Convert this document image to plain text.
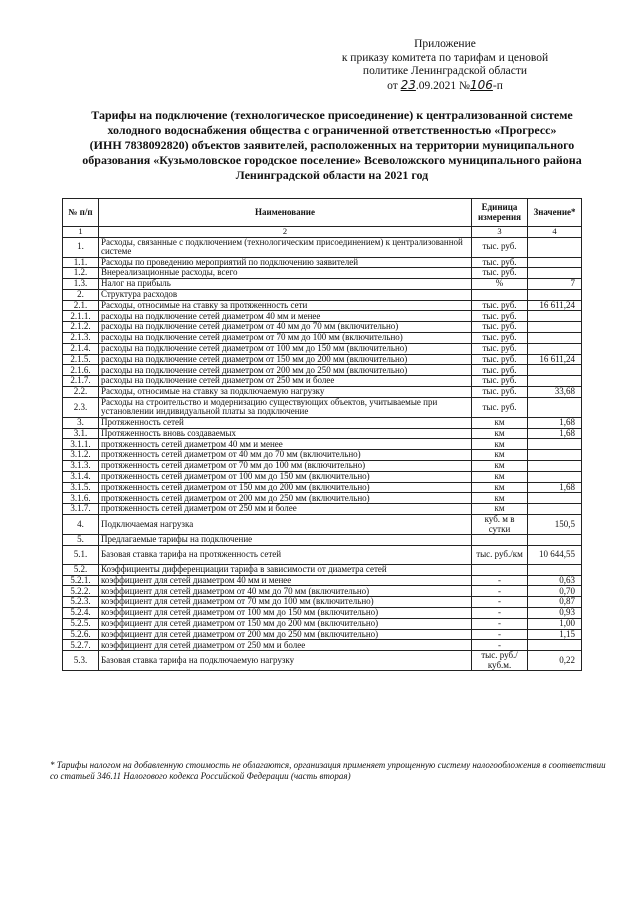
Приложение
к приказу комитета по тарифам и ценовой
политике Ленинградской области
от 23.09.2021 №106-п
Тарифы на подключение (технологическое присоединение) к централизованной системе
холодного водоснабжения общества с ограниченной ответственностью «Прогресс»
(ИНН 7838092820) объектов заявителей, расположенных на территории муниципального
образования «Кузьмоловское городское поселение» Всеволожского муниципального района
Ленинградской области на 2021 год
№ п/п	Наименование	Единица измерения	Значение*
1	2	3	4
1.	Расходы, связанные с подключением (технологическим присоединением) к централизованной системе	тыс. руб.	
1.1.	Расходы по проведению мероприятий по подключению заявителей	тыс. руб.	
1.2.	Внереализационные расходы, всего	тыс. руб.	
1.3.	Налог на прибыль	%	7
2.	Структура расходов		
2.1.	Расходы, относимые на ставку за протяженность сети	тыс. руб.	16 611,24
2.1.1.	расходы на подключение сетей диаметром 40 мм и менее	тыс. руб.	
2.1.2.	расходы на подключение сетей диаметром от 40 мм до 70 мм (включительно)	тыс. руб.	
2.1.3.	расходы на подключение сетей диаметром от 70 мм до 100 мм (включительно)	тыс. руб.	
2.1.4.	расходы на подключение сетей диаметром от 100 мм до 150 мм (включительно)	тыс. руб.	
2.1.5.	расходы на подключение сетей диаметром от 150 мм до 200 мм (включительно)	тыс. руб.	16 611,24
2.1.6.	расходы на подключение сетей диаметром от 200 мм до 250 мм (включительно)	тыс. руб.	
2.1.7.	расходы на подключение сетей диаметром от 250 мм и более	тыс. руб.	
2.2.	Расходы, относимые на ставку за подключаемую нагрузку	тыс. руб.	33,68
2.3.	Расходы на строительство и модернизацию существующих объектов, учитываемые при установлении индивидуальной платы за подключение	тыс. руб.	
3.	Протяженность сетей	км	1,68
3.1.	Протяженность вновь создаваемых	км	1,68
3.1.1.	протяженность сетей диаметром 40 мм и менее	км	
3.1.2.	протяженность сетей диаметром от 40 мм до 70 мм (включительно)	км	
3.1.3.	протяженность сетей диаметром от 70 мм до 100 мм (включительно)	км	
3.1.4.	протяженность сетей диаметром от 100 мм до 150 мм (включительно)	км	
3.1.5.	протяженность сетей диаметром от 150 мм до 200 мм (включительно)	км	1,68
3.1.6.	протяженность сетей диаметром от 200 мм до 250 мм (включительно)	км	
3.1.7.	протяженность сетей диаметром от 250 мм и более	км	
4.	Подключаемая нагрузка	куб. м в сутки	150,5
5.	Предлагаемые тарифы на подключение		
5.1.	Базовая ставка тарифа на протяженность сетей	тыс. руб./км	10 644,55
5.2.	Коэффициенты дифференциации тарифа в зависимости от диаметра сетей		
5.2.1.	коэффициент для сетей диаметром 40 мм и менее	-	0,63
5.2.2.	коэффициент для сетей диаметром от 40 мм до 70 мм (включительно)	-	0,70
5.2.3.	коэффициент для сетей диаметром от 70 мм до 100 мм (включительно)	-	0,87
5.2.4.	коэффициент для сетей диаметром от 100 мм до 150 мм (включительно)	-	0,93
5.2.5.	коэффициент для сетей диаметром от 150 мм до 200 мм (включительно)	-	1,00
5.2.6.	коэффициент для сетей диаметром от 200 мм до 250 мм (включительно)	-	1,15
5.2.7.	коэффициент для сетей диаметром от 250 мм и более	-	
5.3.	Базовая ставка тарифа на подключаемую нагрузку	тыс. руб./куб.м.	0,22
* Тарифы налогом на добавленную стоимость не облагаются, организация применяет упрощенную систему налогообложения в соответствии со статьей 346.11 Налогового кодекса Российской Федерации (часть вторая)
